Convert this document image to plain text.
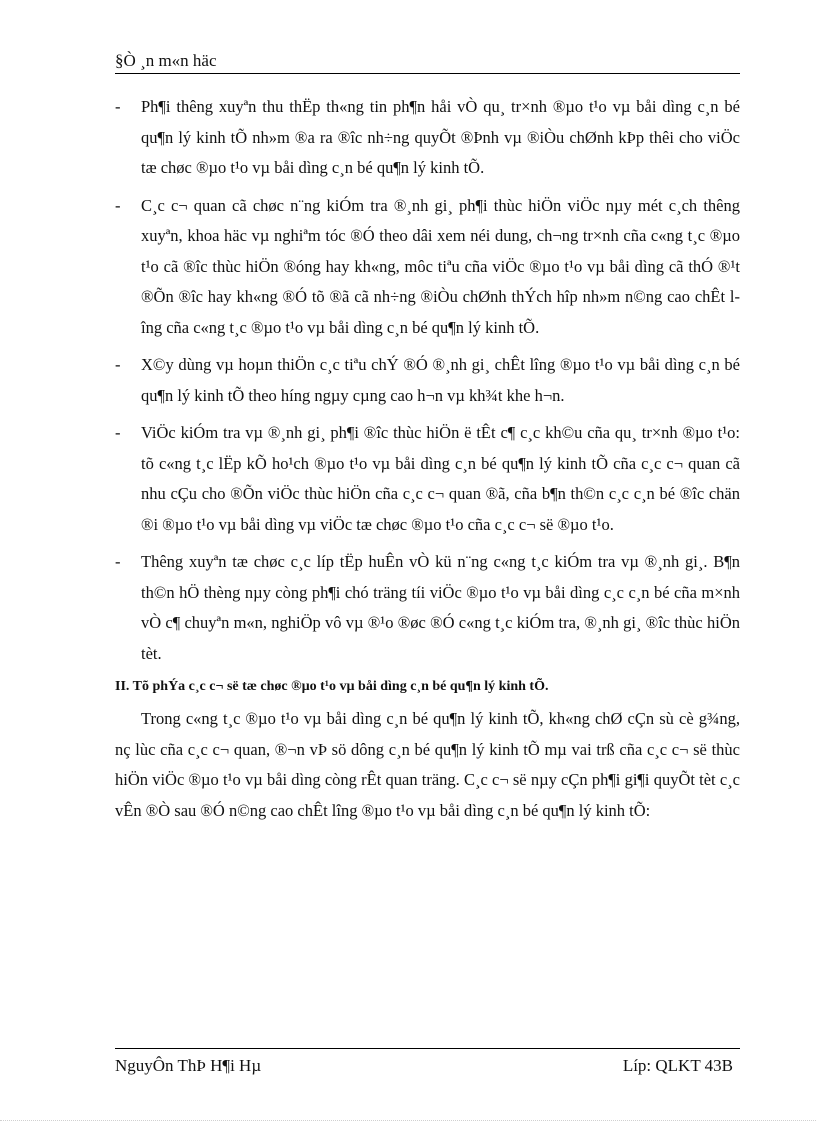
§Ò ¸n m«n häc
- Ph¶i thêng xuyªn thu thËp th«ng tin ph¶n håi vÒ qu¸ tr×nh ®µo t¹o vµ båi dìng c¸n bé qu¶n lý kinh tÕ nh»m ®a ra ®îc nh÷ng quyÕt ®Þnh vµ ®iÒu chØnh kÞp thêi cho viÖc tæ chøc ®µo t¹o vµ båi dìng c¸n bé qu¶n lý kinh tÕ.
- C¸c c¬ quan cã chøc n¨ng kiÓm tra ®¸nh gi¸ ph¶i thùc hiÖn viÖc nµy mét c¸ch thêng xuyªn, khoa häc vµ nghiªm tóc ®Ó theo dâi xem néi dung, ch¬ng tr×nh cña c«ng t¸c ®µo t¹o cã ®îc thùc hiÖn ®óng hay kh«ng, môc tiªu cña viÖc ®µo t¹o vµ båi dìng cã thÓ ®¹t ®Õn ®îc hay kh«ng ®Ó tõ ®ã cã nh÷ng ®iÒu chØnh thÝch hîp nh»m n©ng cao chÊt lîng cña c«ng t¸c ®µo t¹o vµ båi dìng c¸n bé qu¶n lý kinh tÕ.
- X©y dùng vµ hoµn thiÖn c¸c tiªu chÝ ®Ó ®¸nh gi¸ chÊt lîng ®µo t¹o vµ båi dìng c¸n bé qu¶n lý kinh tÕ theo híng ngµy cµng cao h¬n vµ kh¾t khe h¬n.
- ViÖc kiÓm tra vµ ®¸nh gi¸ ph¶i ®îc thùc hiÖn ë tÊt c¶ c¸c kh©u cña qu¸ tr×nh ®µo t¹o: tõ c«ng t¸c lËp kÕ ho¹ch ®µo t¹o vµ båi dìng c¸n bé qu¶n lý kinh tÕ cña c¸c c¬ quan cã nhu cÇu cho ®Õn viÖc thùc hiÖn cña c¸c c¬ quan ®ã, cña b¶n th©n c¸c c¸n bé ®îc chän ®i ®µo t¹o vµ båi dìng vµ viÖc tæ chøc ®µo t¹o cña c¸c c¬ së ®µo t¹o.
- Thêng xuyªn tæ chøc c¸c líp tËp huÊn vÒ kü n¨ng c«ng t¸c kiÓm tra vµ ®¸nh gi¸. B¶n th©n hÖ thèng nµy còng ph¶i chó träng tíi viÖc ®µo t¹o vµ båi dìng c¸c c¸n bé cña m×nh vÒ c¶ chuyªn m«n, nghiÖp vô vµ ®¹o ®øc ®Ó c«ng t¸c kiÓm tra, ®¸nh gi¸ ®îc thùc hiÖn tèt.
II. Tõ phÝa c¸c c¬ së tæ chøc ®µo t¹o vµ båi dìng c¸n bé qu¶n lý kinh tÕ.

Trong c«ng t¸c ®µo t¹o vµ båi dìng c¸n bé qu¶n lý kinh tÕ, kh«ng chØ cÇn sù cè g¾ng, nç lùc cña c¸c c¬ quan, ®¬n vÞ sö dông c¸n bé qu¶n lý kinh tÕ mµ vai trß cña c¸c c¬ së thùc hiÖn viÖc ®µo t¹o vµ båi dìng còng rÊt quan träng. C¸c c¬ së nµy cÇn ph¶i gi¶i quyÕt tèt c¸c vÊn ®Ò sau ®Ó n©ng cao chÊt lîng ®µo t¹o vµ båi dìng c¸n bé qu¶n lý kinh tÕ:

NguyÔn ThÞ H¶i Hµ	Líp: QLKT 43B
